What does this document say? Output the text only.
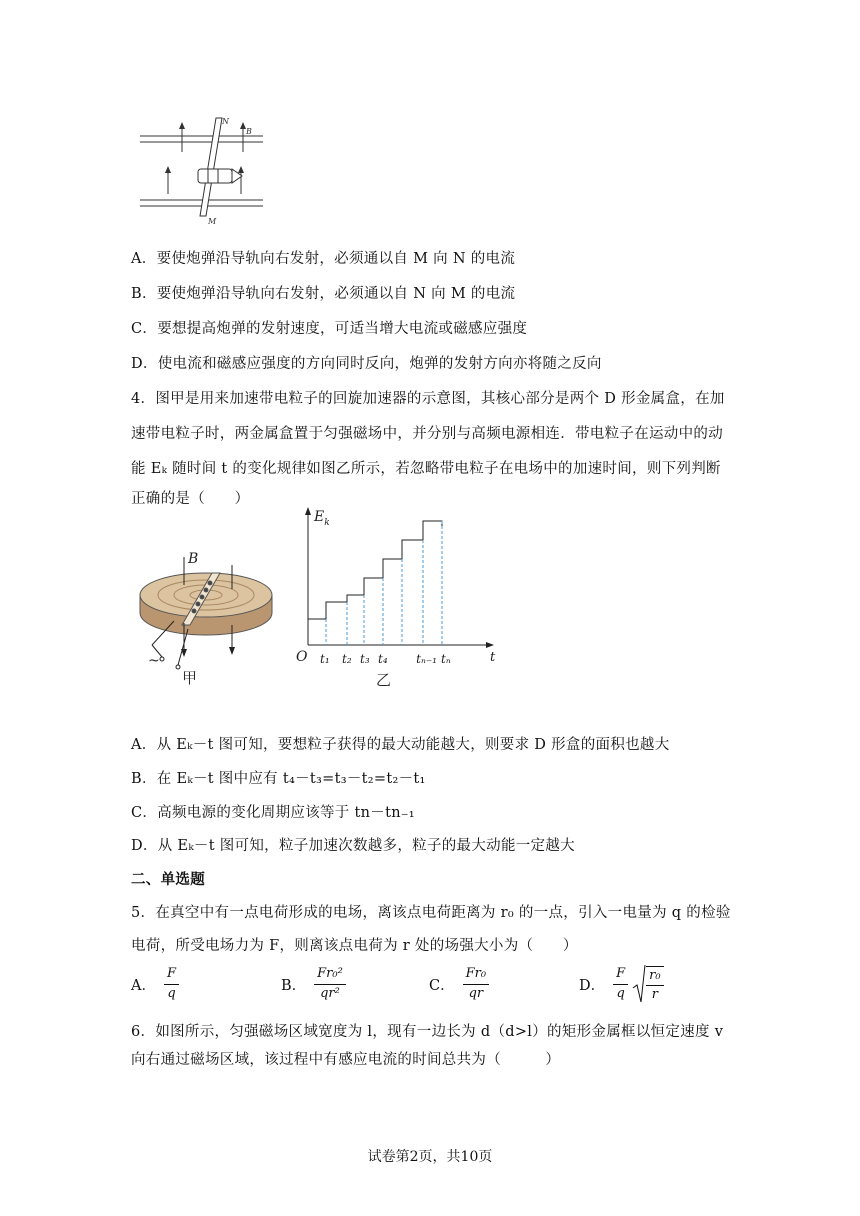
N
B
M
A．要使炮弹沿导轨向右发射，必须通以自 M 向 N 的电流
B．要使炮弹沿导轨向右发射，必须通以自 N 向 M 的电流
C．要想提高炮弹的发射速度，可适当增大电流或磁感应强度
D．使电流和磁感应强度的方向同时反向，炮弹的发射方向亦将随之反向
4．图甲是用来加速带电粒子的回旋加速器的示意图，其核心部分是两个 D 形金属盒，在加
速带电粒子时，两金属盒置于匀强磁场中，并分别与高频电源相连．带电粒子在运动中的动
能 Eₖ 随时间 t 的变化规律如图乙所示，若忽略带电粒子在电场中的加速时间，则下列判断
正确的是（　　）
B
~
甲
$E_k$
O	t
t₁ t₂ t₃ t₄ tₙ₋₁ tₙ
乙
A．从 Eₖ－t 图可知，要想粒子获得的最大动能越大，则要求 D 形盒的面积也越大
B．在 Eₖ－t 图中应有 t₄－t₃=t₃－t₂=t₂－t₁
C．高频电源的变化周期应该等于 tn－tn₋₁
D．从 Eₖ－t 图可知，粒子加速次数越多，粒子的最大动能一定越大
二、单选题
5．在真空中有一点电荷形成的电场，离该点电荷距离为 r₀ 的一点，引入一电量为 q 的检验
电荷，所受电场力为 F，则离该点电荷为 r 处的场强大小为（　　）
A． $\frac{F}{q}$	B． $\frac{\text{Fr₀²}}{\text{qr²}}$	C． $\frac{\text{Fr₀}}{qr}$	D． $\frac{F}{q} \frac{\text{r₀}}{r}$
6．如图所示，匀强磁场区域宽度为 l，现有一边长为 d（d>l）的矩形金属框以恒定速度 v
向右通过磁场区域，该过程中有感应电流的时间总共为（　　　）
试卷第2页，共10页
